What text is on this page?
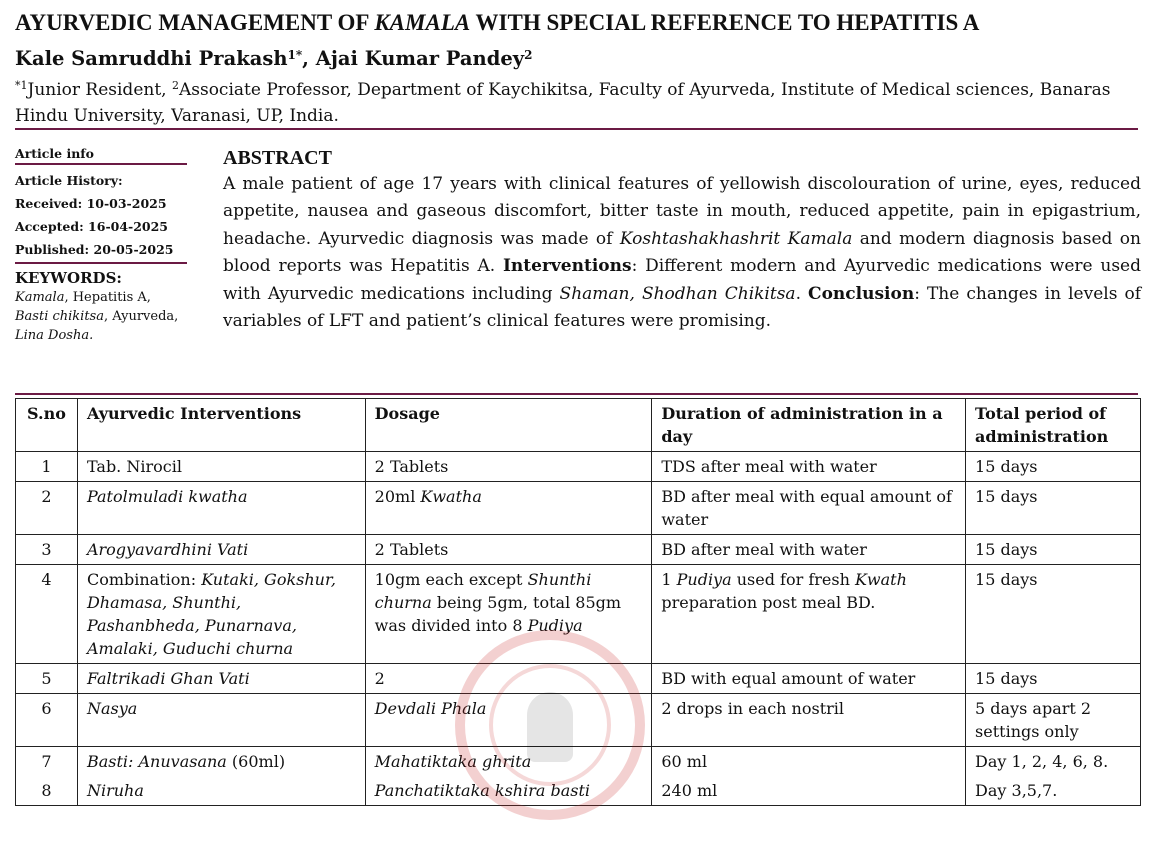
AYURVEDIC MANAGEMENT OF KAMALA WITH SPECIAL REFERENCE TO HEPATITIS A
Kale Samruddhi Prakash$^{1*}$, Ajai Kumar Pandey$^2$
$^{*1}$Junior Resident, $^2$Associate Professor, Department of Kaychikitsa, Faculty of Ayurveda, Institute of Medical sciences, Banaras Hindu University, Varanasi, UP, India.
Article info
Article History:
Received: 10-03-2025
Accepted: 16-04-2025
Published: 20-05-2025
KEYWORDS:
Kamala, Hepatitis A, Basti chikitsa, Ayurveda, Lina Dosha.
ABSTRACT
A male patient of age 17 years with clinical features of yellowish discolouration of urine, eyes, reduced appetite, nausea and gaseous discomfort, bitter taste in mouth, reduced appetite, pain in epigastrium, headache. Ayurvedic diagnosis was made of Koshtashakhashrit Kamala and modern diagnosis based on blood reports was Hepatitis A. Interventions: Different modern and Ayurvedic medications were used with Ayurvedic medications including Shaman, Shodhan Chikitsa. Conclusion: The changes in levels of variables of LFT and patient’s clinical features were promising.
S.no	Ayurvedic Interventions	Dosage	Duration of administration in a day	Total period of administration
1	Tab. Nirocil	2 Tablets	TDS after meal with water	15 days
2	Patolmuladi kwatha	20ml Kwatha	BD after meal with equal amount of water	15 days
3	Arogyavardhini Vati	2 Tablets	BD after meal with water	15 days
4	Combination: Kutaki, Gokshur, Dhamasa, Shunthi, Pashanbheda, Punarnava, Amalaki, Guduchi churna	10gm each except Shunthi churna being 5gm, total 85gm was divided into 8 Pudiya	1 Pudiya used for fresh Kwath preparation post meal BD.	15 days
5	Faltrikadi Ghan Vati	2	BD with equal amount of water	15 days
6	Nasya	Devdali Phala	2 drops in each nostril	5 days apart 2 settings only
7	Basti: Anuvasana (60ml)	Mahatiktaka ghrita	60 ml	Day 1, 2, 4, 6, 8.
8	Niruha	Panchatiktaka kshira basti	240 ml	Day 3,5,7.
